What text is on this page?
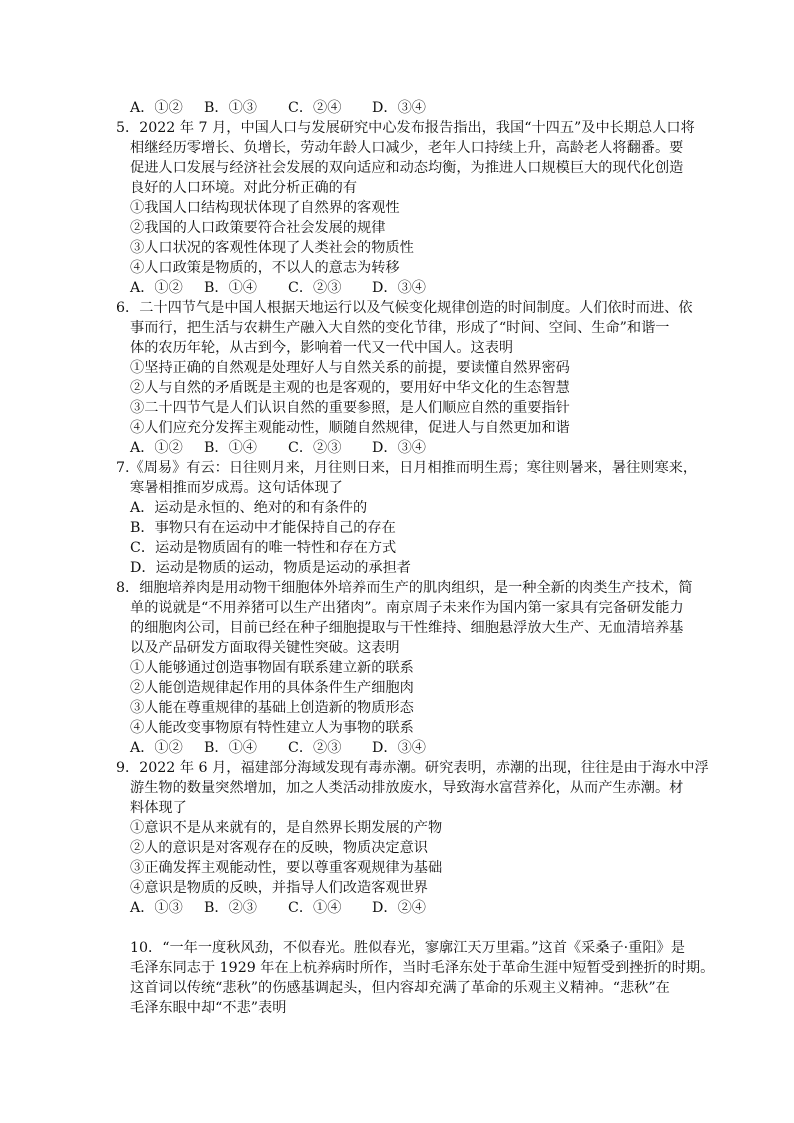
A．①② B．①③ C．②④ D．③④
5．2022 年 7 月，中国人口与发展研究中心发布报告指出，我国“十四五”及中长期总人口将
相继经历零增长、负增长，劳动年龄人口减少，老年人口持续上升，高龄老人将翻番。要
促进人口发展与经济社会发展的双向适应和动态均衡，为推进人口规模巨大的现代化创造
良好的人口环境。对此分析正确的有
①我国人口结构现状体现了自然界的客观性
②我国的人口政策要符合社会发展的规律
③人口状况的客观性体现了人类社会的物质性
④人口政策是物质的，不以人的意志为转移
A．①② B．①④ C．②③ D．③④
6．二十四节气是中国人根据天地运行以及气候变化规律创造的时间制度。人们依时而进、依
事而行，把生活与农耕生产融入大自然的变化节律，形成了“时间、空间、生命”和谐一
体的农历年轮，从古到今，影响着一代又一代中国人。这表明
①坚持正确的自然观是处理好人与自然关系的前提，要读懂自然界密码
②人与自然的矛盾既是主观的也是客观的，要用好中华文化的生态智慧
③二十四节气是人们认识自然的重要参照，是人们顺应自然的重要指针
④人们应充分发挥主观能动性，顺随自然规律，促进人与自然更加和谐
A．①② B．①④ C．②③ D．③④
7.《周易》有云：日往则月来，月往则日来，日月相推而明生焉；寒往则暑来，暑往则寒来，
寒暑相推而岁成焉。这句话体现了
A．运动是永恒的、绝对的和有条件的
B．事物只有在运动中才能保持自己的存在
C．运动是物质固有的唯一特性和存在方式
D．运动是物质的运动，物质是运动的承担者
8．细胞培养肉是用动物干细胞体外培养而生产的肌肉组织，是一种全新的肉类生产技术，简
单的说就是“不用养猪可以生产出猪肉”。南京周子未来作为国内第一家具有完备研发能力
的细胞肉公司，目前已经在种子细胞提取与干性维持、细胞悬浮放大生产、无血清培养基
以及产品研发方面取得关键性突破。这表明
①人能够通过创造事物固有联系建立新的联系
②人能创造规律起作用的具体条件生产细胞肉
③人能在尊重规律的基础上创造新的物质形态
④人能改变事物原有特性建立人为事物的联系
A．①② B．①④ C．②③ D．③④
9．2022 年 6 月，福建部分海域发现有毒赤潮。研究表明，赤潮的出现，往往是由于海水中浮
游生物的数量突然增加，加之人类活动排放废水，导致海水富营养化，从而产生赤潮。材
料体现了
①意识不是从来就有的，是自然界长期发展的产物
②人的意识是对客观存在的反映，物质决定意识
③正确发挥主观能动性，要以尊重客观规律为基础
④意识是物质的反映，并指导人们改造客观世界
A．①③ B．②③ C．①④ D．②④
10．“一年一度秋风劲，不似春光。胜似春光，寥廓江天万里霜。”这首《采桑子·重阳》是
毛泽东同志于 1929 年在上杭养病时所作，当时毛泽东处于革命生涯中短暂受到挫折的时期。
这首词以传统“悲秋”的伤感基调起头，但内容却充满了革命的乐观主义精神。“悲秋”在
毛泽东眼中却“不悲”表明
